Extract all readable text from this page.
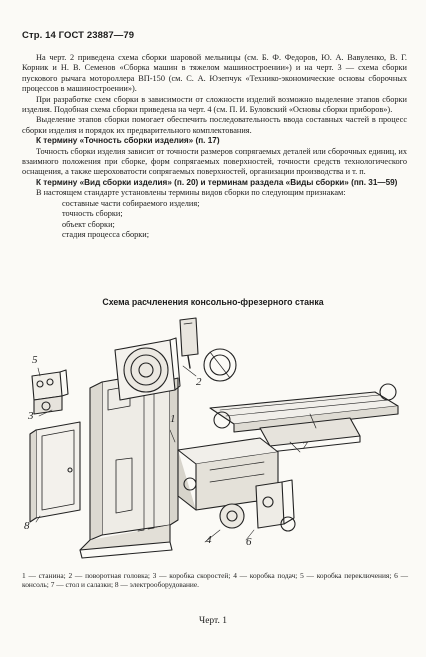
Стр. 14 ГОСТ 23887—79

На черт. 2 приведена схема сборки шаровой мельницы (см. Б. Ф. Федоров, Ю. А. Вавуленко, В. Г. Корник и Н. В. Семенов «Сборка машин в тяжелом машиностроении») и на черт. 3 — схема сборки пускового рычага мотороллера ВП-150 (см. С. А. Юзепчук «Технико-экономические основы сборочных процессов в машиностроении»).

При разработке схем сборки в зависимости от сложности изделий возможно выделение этапов сборки изделия. Подобная схема сборки приведена на черт. 4 (см. П. И. Буловский «Основы сборки приборов»).

Выделение этапов сборки помогает обеспечить последовательность ввода составных частей в процесс сборки изделия и порядок их предварительного комплектования.

К термину «Точность сборки изделия» (п. 17)

Точность сборки изделия зависит от точности размеров сопрягаемых деталей или сборочных единиц, их взаимного положения при сборке, форм сопрягаемых поверхностей, точности средств технологического оснащения, а также шероховатости сопрягаемых поверхностей, организации производства и т. п.

К термину «Вид сборки изделия» (п. 20) и терминам раздела «Виды сборки» (пп. 31—59)

В настоящем стандарте установлены термины видов сборки по следующим признакам:

составные части собираемого изделия;

точность сборки;

объект сборки;

стадия процесса сборки;

Схема расчленения консольно-фрезерного станка
1
2
3
4
5
6
7
8
1 — станина; 2 — поворотная головка; 3 — коробка скоростей; 4 — коробка подач; 5 — коробка переключения; 6 — консоль; 7 — стол и салазки; 8 — электрооборудование.
Черт. 1
